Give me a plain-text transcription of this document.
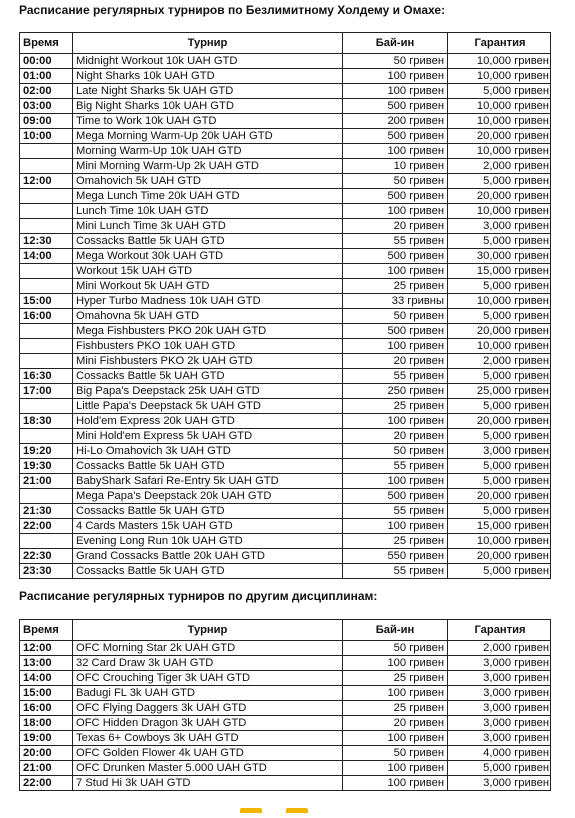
Расписание регулярных турниров по Безлимитному Холдему и Омахе:
Время	Турнир	Бай-ин	Гарантия
00:00	Midnight Workout 10k UAH GTD	50 гривен	10,000 гривен
01:00	Night Sharks 10k UAH GTD	100 гривен	10,000 гривен
02:00	Late Night Sharks 5k UAH GTD	100 гривен	5,000 гривен
03:00	Big Night Sharks 10k UAH GTD	500 гривен	10,000 гривен
09:00	Time to Work 10k UAH GTD	200 гривен	10,000 гривен
10:00	Mega Morning Warm-Up 20k UAH GTD	500 гривен	20,000 гривен
	Morning Warm-Up 10k UAH GTD	100 гривен	10,000 гривен
	Mini Morning Warm-Up 2k UAH GTD	10 гривен	2,000 гривен
12:00	Omahovich 5k UAH GTD	50 гривен	5,000 гривен
	Mega Lunch Time 20k UAH GTD	500 гривен	20,000 гривен
	Lunch Time 10k UAH GTD	100 гривен	10,000 гривен
	Mini Lunch Time 3k UAH GTD	20 гривен	3,000 гривен
12:30	Cossacks Battle 5k UAH GTD	55 гривен	5,000 гривен
14:00	Mega Workout 30k UAH GTD	500 гривен	30,000 гривен
	Workout 15k UAH GTD	100 гривен	15,000 гривен
	Mini Workout 5k UAH GTD	25 гривен	5,000 гривен
15:00	Hyper Turbo Madness 10k UAH GTD	33 гривны	10,000 гривен
16:00	Omahovna 5k UAH GTD	50 гривен	5,000 гривен
	Mega Fishbusters PKO 20k UAH GTD	500 гривен	20,000 гривен
	Fishbusters PKO 10k UAH GTD	100 гривен	10,000 гривен
	Mini Fishbusters PKO 2k UAH GTD	20 гривен	2,000 гривен
16:30	Cossacks Battle 5k UAH GTD	55 гривен	5,000 гривен
17:00	Big Papa's Deepstack 25k UAH GTD	250 гривен	25,000 гривен
	Little Papa's Deepstack 5k UAH GTD	25 гривен	5,000 гривен
18:30	Hold'em Express 20k UAH GTD	100 гривен	20,000 гривен
	Mini Hold'em Express 5k UAH GTD	20 гривен	5,000 гривен
19:20	Hi-Lo Omahovich 3k UAH GTD	50 гривен	3,000 гривен
19:30	Cossacks Battle 5k UAH GTD	55 гривен	5,000 гривен
21:00	BabyShark Safari Re-Entry 5k UAH GTD	100 гривен	5,000 гривен
	Mega Papa's Deepstack 20k UAH GTD	500 гривен	20,000 гривен
21:30	Cossacks Battle 5k UAH GTD	55 гривен	5,000 гривен
22:00	4 Cards Masters 15k UAH GTD	100 гривен	15,000 гривен
	Evening Long Run 10k UAH GTD	25 гривен	10,000 гривен
22:30	Grand Cossacks Battle 20k UAH GTD	550 гривен	20,000 гривен
23:30	Cossacks Battle 5k UAH GTD	55 гривен	5,000 гривен
Расписание регулярных турниров по другим дисциплинам:
Время	Турнир	Бай-ин	Гарантия
12:00	OFC Morning Star 2k UAH GTD	50 гривен	2,000 гривен
13:00	32 Card Draw 3k UAH GTD	100 гривен	3,000 гривен
14:00	OFC Crouching Tiger 3k UAH GTD	25 гривен	3,000 гривен
15:00	Badugi FL 3k UAH GTD	100 гривен	3,000 гривен
16:00	OFC Flying Daggers 3k UAH GTD	25 гривен	3,000 гривен
18:00	OFC Hidden Dragon 3k UAH GTD	20 гривен	3,000 гривен
19:00	Texas 6+ Cowboys 3k UAH GTD	100 гривен	3,000 гривен
20:00	OFC Golden Flower 4k UAH GTD	50 гривен	4,000 гривен
21:00	OFC Drunken Master 5.000 UAH GTD	100 гривен	5,000 гривен
22:00	7 Stud Hi 3k UAH GTD	100 гривен	3,000 гривен
